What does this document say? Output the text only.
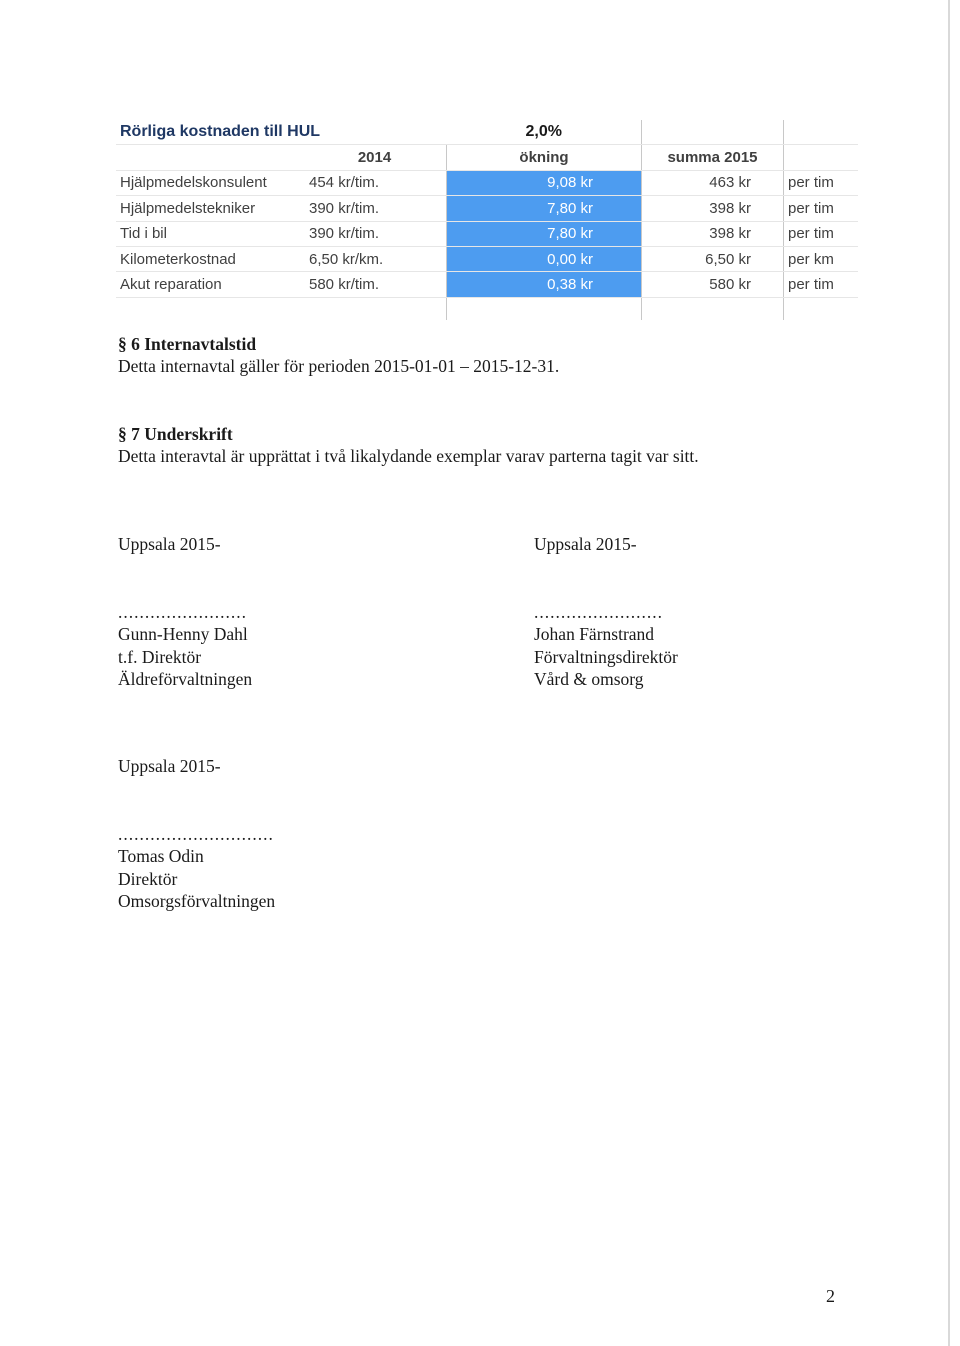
Rörliga kostnaden till HUL		2,0%		
	2014	ökning	summa 2015	
Hjälpmedelskonsulent	454 kr/tim.	9,08 kr	463 kr	per tim
Hjälpmedelstekniker	390 kr/tim.	7,80 kr	398 kr	per tim
Tid i bil	390 kr/tim.	7,80 kr	398 kr	per tim
Kilometerkostnad	6,50 kr/km.	0,00 kr	6,50 kr	per km
Akut reparation	580 kr/tim.	0,38 kr	580 kr	per tim

§ 6 Internavtalstid
Detta internavtal gäller för perioden 2015-01-01 – 2015-12-31.
§ 7 Underskrift
Detta interavtal är upprättat i två likalydande exemplar varav parterna tagit var sitt.
Uppsala 2015-
........................
Gunn-Henny Dahl
t.f. Direktör
Äldreförvaltningen
Uppsala 2015-
........................
Johan Färnstrand
Förvaltningsdirektör
Vård & omsorg
Uppsala 2015-
.............................
Tomas Odin
Direktör
Omsorgsförvaltningen
2
